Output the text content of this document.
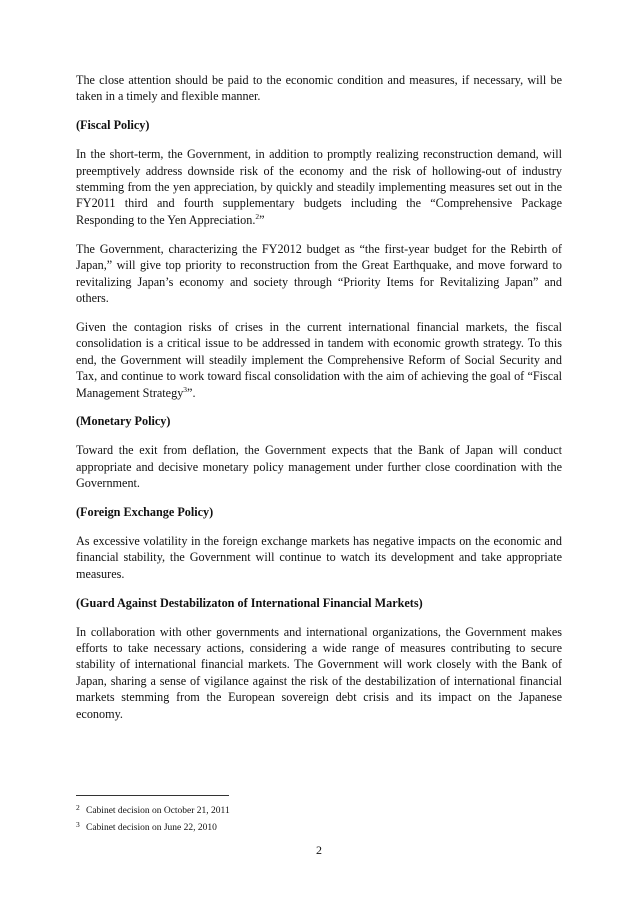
The close attention should be paid to the economic condition and measures, if necessary, will be taken in a timely and flexible manner.

(Fiscal Policy)

In the short-term, the Government, in addition to promptly realizing reconstruction demand, will preemptively address downside risk of the economy and the risk of hollowing-out of industry stemming from the yen appreciation, by quickly and steadily implementing measures set out in the FY2011 third and fourth supplementary budgets including the “Comprehensive Package Responding to the Yen Appreciation.$^2$”

The Government, characterizing the FY2012 budget as “the first-year budget for the Rebirth of Japan,” will give top priority to reconstruction from the Great Earthquake, and move forward to revitalizing Japan’s economy and society through “Priority Items for Revitalizing Japan” and others.

Given the contagion risks of crises in the current international financial markets, the fiscal consolidation is a critical issue to be addressed in tandem with economic growth strategy. To this end, the Government will steadily implement the Comprehensive Reform of Social Security and Tax, and continue to work toward fiscal consolidation with the aim of achieving the goal of “Fiscal Management Strategy$^3$”.

(Monetary Policy)

Toward the exit from deflation, the Government expects that the Bank of Japan will conduct appropriate and decisive monetary policy management under further close coordination with the Government.

(Foreign Exchange Policy)

As excessive volatility in the foreign exchange markets has negative impacts on the economic and financial stability, the Government will continue to watch its development and take appropriate measures.

(Guard Against Destabilizaton of International Financial Markets)

In collaboration with other governments and international organizations, the Government makes efforts to take necessary actions, considering a wide range of measures contributing to secure stability of international financial markets. The Government will work closely with the Bank of Japan, sharing a sense of vigilance against the risk of the destabilization of international financial markets stemming from the European sovereign debt crisis and its impact on the Japanese economy.

2 Cabinet decision on October 21, 2011
3 Cabinet decision on June 22, 2010
2
